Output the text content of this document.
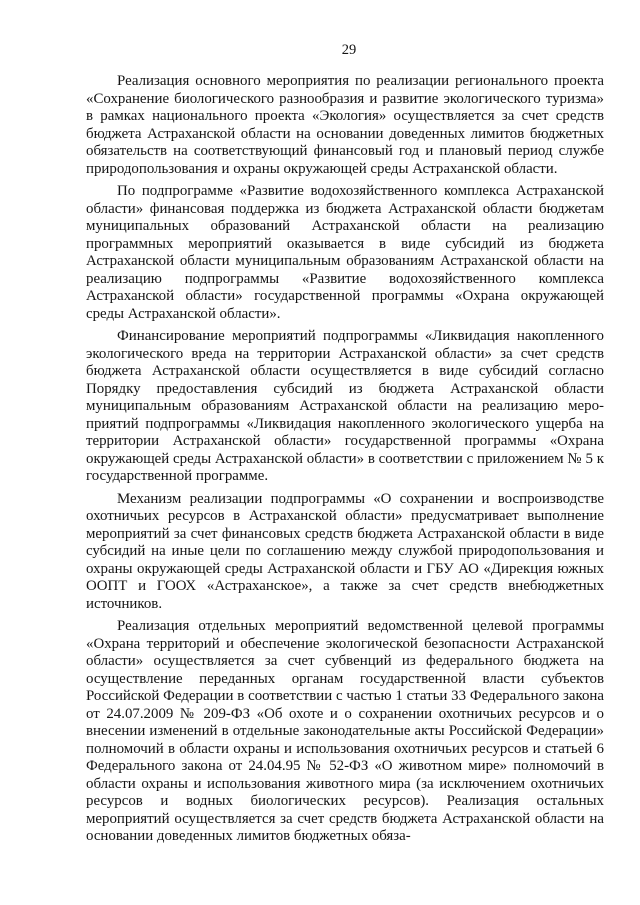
29

Реализация основного мероприятия по реализации регионального проекта «Сохранение биологического разнообразия и развитие экологического туризма» в рамках национального проекта «Экология» осуществляется за счет средств бюджета Астраханской области на основании доведенных лимитов бюджетных обязательств на соответствующий финансовый год и плановый период службе природопользования и охраны окружающей среды Астраханской области.

По подпрограмме «Развитие водохозяйственного комплекса Астраханской области» финансовая поддержка из бюджета Астраханской области бюджетам муниципальных образований Астраханской области на реализацию программных мероприятий оказывается в виде субсидий из бюджета Астраханской области муниципальным образованиям Астраханской области на реализацию подпрограммы «Развитие водохозяйственного комплекса Астраханской области» государственной программы «Охрана окружающей среды Астраханской области».

Финансирование мероприятий подпрограммы «Ликвидация накопленного экологического вреда на территории Астраханской области» за счет средств бюджета Астраханской области осуществляется в виде субсидий согласно Порядку предоставления субсидий из бюджета Астраханской области муниципальным образованиям Астраханской области на реализацию мероприятий подпрограммы «Ликвидация накопленного экологического ущерба на территории Астраханской области» государственной программы «Охрана окружающей среды Астраханской области» в соответствии с приложением № 5 к государственной программе.

Механизм реализации подпрограммы «О сохранении и воспроизводстве охотничьих ресурсов в Астраханской области» предусматривает выполнение мероприятий за счет финансовых средств бюджета Астраханской области в виде субсидий на иные цели по соглашению между службой природопользования и охраны окружающей среды Астраханской области и ГБУ АО «Дирекция южных ООПТ и ГООХ «Астраханское», а также за счет средств внебюджетных источников.

Реализация отдельных мероприятий ведомственной целевой программы «Охрана территорий и обеспечение экологической безопасности Астраханской области» осуществляется за счет субвенций из федерального бюджета на осуществление переданных органам государственной власти субъектов Российской Федерации в соответствии с частью 1 статьи 33 Федерального закона от 24.07.2009 № 209-ФЗ «Об охоте и о сохранении охотничьих ресурсов и о внесении изменений в отдельные законодательные акты Российской Федерации» полномочий в области охраны и использования охотничьих ресурсов и статьей 6 Федерального закона от 24.04.95 № 52-ФЗ «О животном мире» полномочий в области охраны и использования животного мира (за исключением охотничьих ресурсов и водных биологических ресурсов). Реализация остальных мероприятий осуществляется за счет средств бюджета Астраханской области на основании доведенных лимитов бюджетных обяза-
